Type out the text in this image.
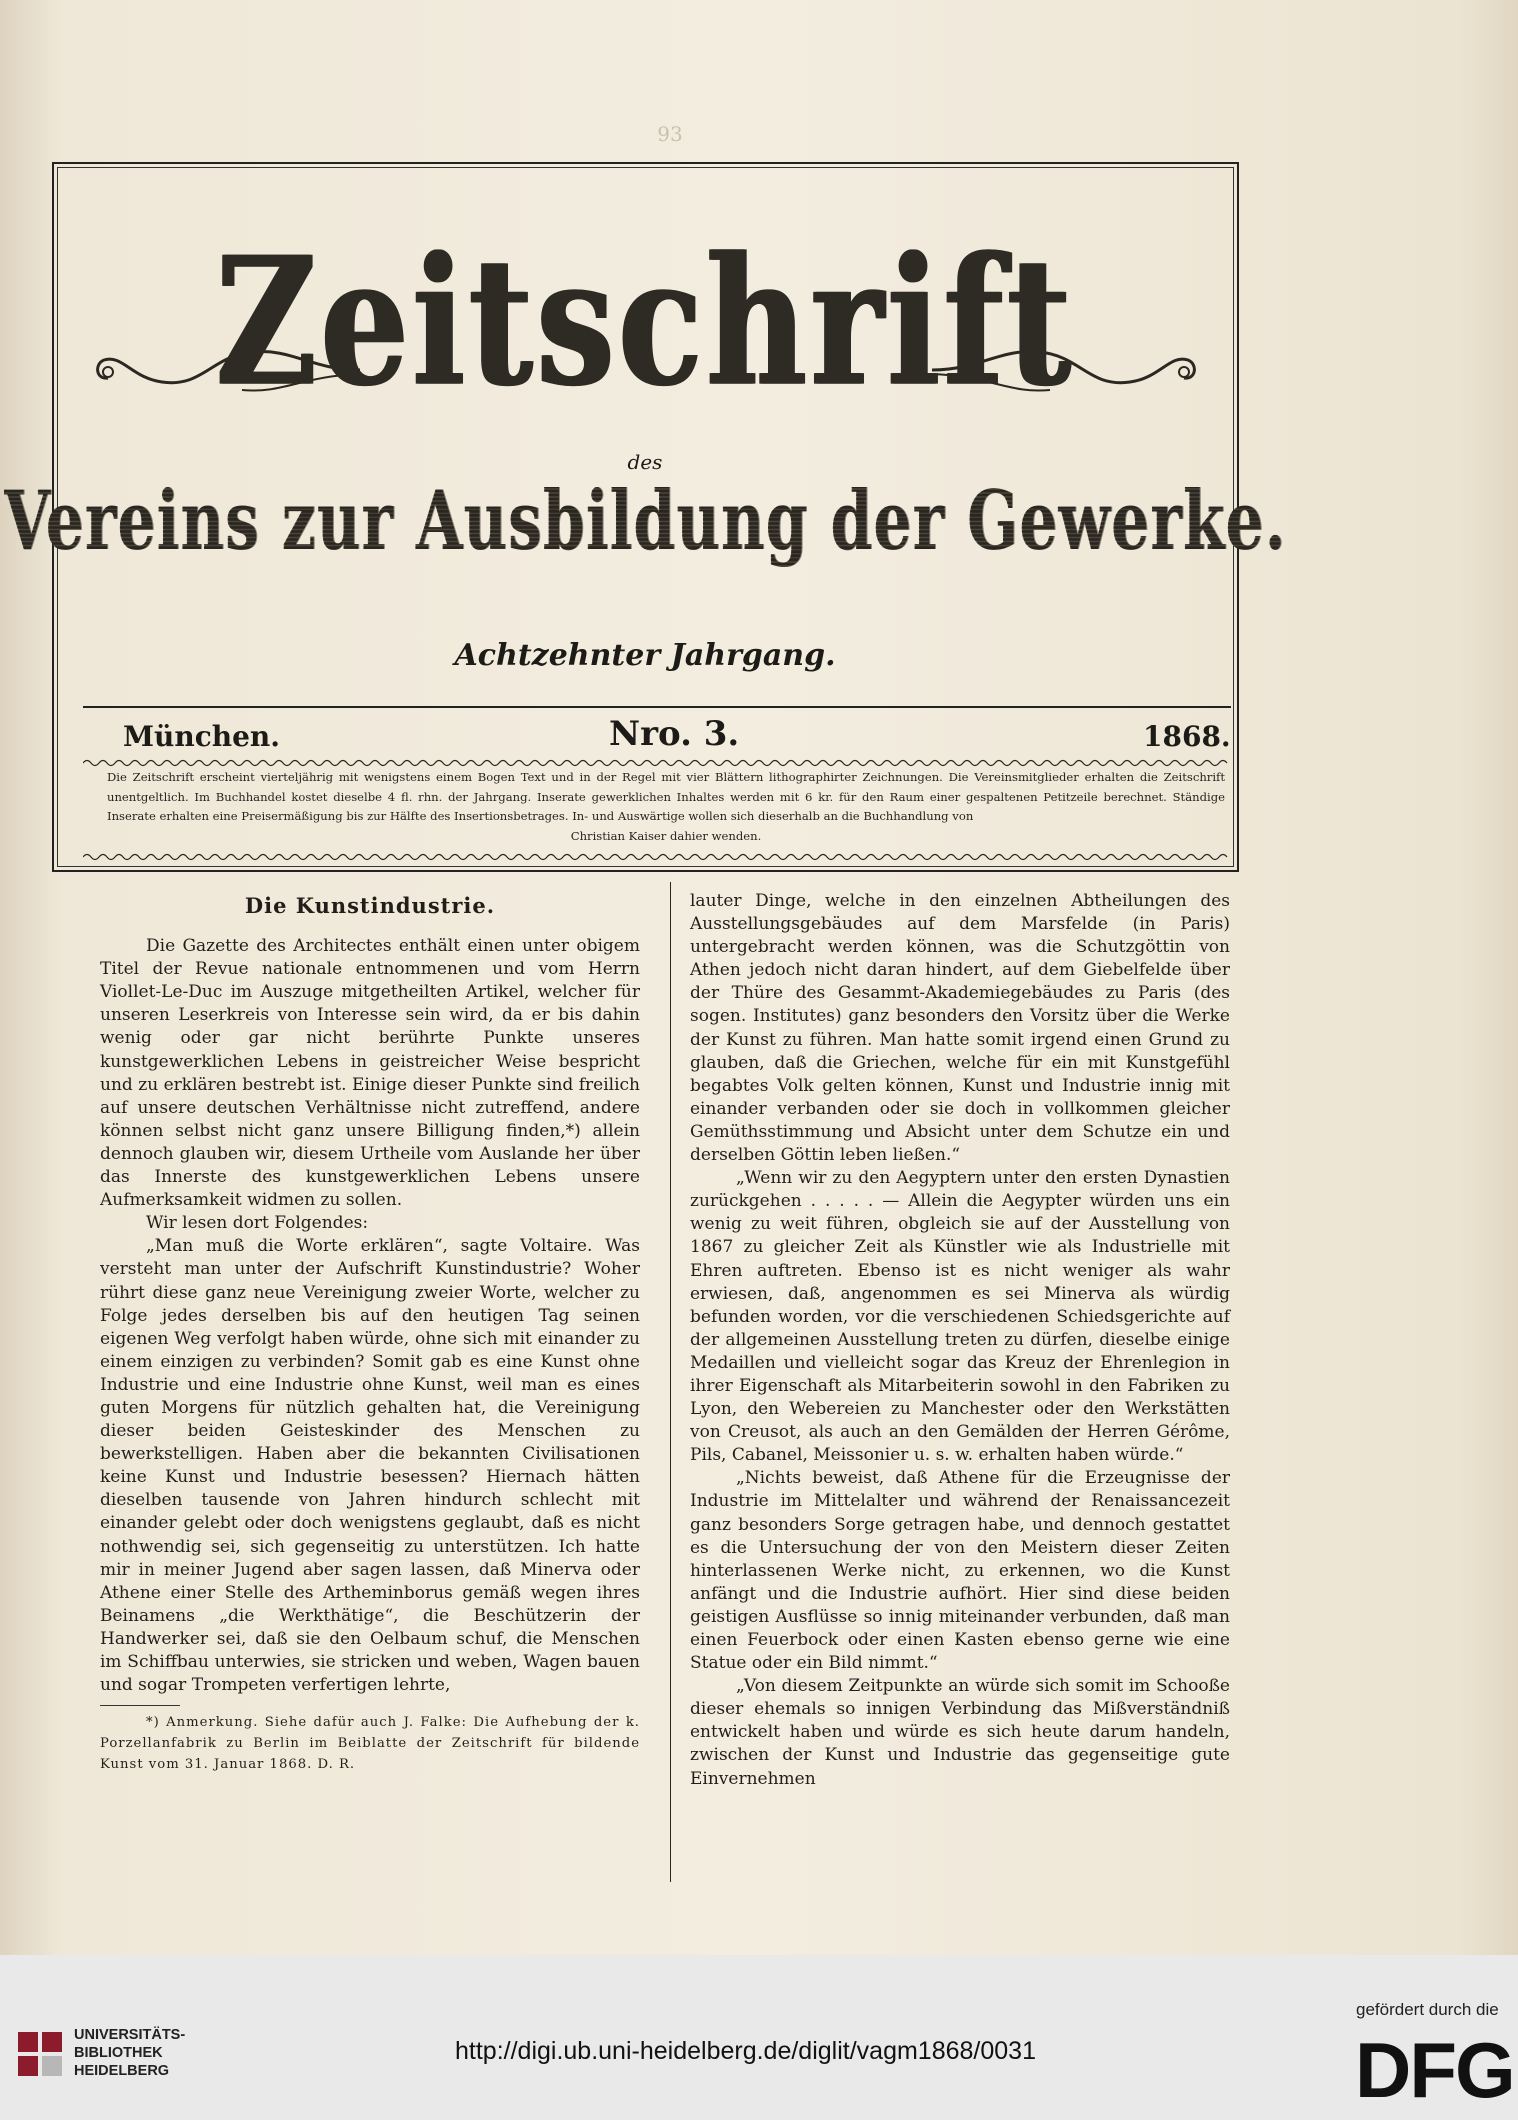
93
Zeitschrift
des
Vereins zur Ausbildung der Gewerke.
Achtzehnter Jahrgang.
München.	Nro. 3.	1868.
Die Zeitschrift erscheint vierteljährig mit wenigstens einem Bogen Text und in der Regel mit vier Blättern lithographirter Zeichnungen. Die Vereinsmitglieder erhalten die Zeitschrift unentgeltlich. Im Buchhandel kostet dieselbe 4 fl. rhn. der Jahrgang. Inserate gewerklichen Inhaltes werden mit 6 kr. für den Raum einer gespaltenen Petitzeile berechnet. Ständige Inserate erhalten eine Preisermäßigung bis zur Hälfte des Insertionsbetrages. In- und Auswärtige wollen sich dieserhalb an die Buchhandlung von

Christian Kaiser dahier wenden.

Die Kunstindustrie.

Die Gazette des Architectes enthält einen unter obigem Titel der Revue nationale entnommenen und vom Herrn Viollet-Le-Duc im Auszuge mitgetheilten Artikel, welcher für unseren Leserkreis von Interesse sein wird, da er bis dahin wenig oder gar nicht berührte Punkte unseres kunstgewerklichen Lebens in geistreicher Weise bespricht und zu erklären bestrebt ist. Einige dieser Punkte sind freilich auf unsere deutschen Verhältnisse nicht zutreffend, andere können selbst nicht ganz unsere Billigung finden,*) allein dennoch glauben wir, diesem Urtheile vom Auslande her über das Innerste des kunstgewerklichen Lebens unsere Aufmerksamkeit widmen zu sollen.

Wir lesen dort Folgendes:

„Man muß die Worte erklären“, sagte Voltaire. Was versteht man unter der Aufschrift Kunstindustrie? Woher rührt diese ganz neue Vereinigung zweier Worte, welcher zu Folge jedes derselben bis auf den heutigen Tag seinen eigenen Weg verfolgt haben würde, ohne sich mit einander zu einem einzigen zu verbinden? Somit gab es eine Kunst ohne Industrie und eine Industrie ohne Kunst, weil man es eines guten Morgens für nützlich gehalten hat, die Vereinigung dieser beiden Geisteskinder des Menschen zu bewerkstelligen. Haben aber die bekannten Civilisationen keine Kunst und Industrie besessen? Hiernach hätten dieselben tausende von Jahren hindurch schlecht mit einander gelebt oder doch wenigstens geglaubt, daß es nicht nothwendig sei, sich gegenseitig zu unterstützen. Ich hatte mir in meiner Jugend aber sagen lassen, daß Minerva oder Athene einer Stelle des Artheminborus gemäß wegen ihres Beinamens „die Werkthätige“, die Beschützerin der Handwerker sei, daß sie den Oelbaum schuf, die Menschen im Schiffbau unterwies, sie stricken und weben, Wagen bauen und sogar Trompeten verfertigen lehrte,

*) Anmerkung. Siehe dafür auch J. Falke: Die Aufhebung der k. Porzellanfabrik zu Berlin im Beiblatte der Zeitschrift für bildende Kunst vom 31. Januar 1868. D. R.

lauter Dinge, welche in den einzelnen Abtheilungen des Ausstellungsgebäudes auf dem Marsfelde (in Paris) untergebracht werden können, was die Schutzgöttin von Athen jedoch nicht daran hindert, auf dem Giebelfelde über der Thüre des Gesammt-Akademiegebäudes zu Paris (des sogen. Institutes) ganz besonders den Vorsitz über die Werke der Kunst zu führen. Man hatte somit irgend einen Grund zu glauben, daß die Griechen, welche für ein mit Kunstgefühl begabtes Volk gelten können, Kunst und Industrie innig mit einander verbanden oder sie doch in vollkommen gleicher Gemüthsstimmung und Absicht unter dem Schutze ein und derselben Göttin leben ließen.“

„Wenn wir zu den Aegyptern unter den ersten Dynastien zurückgehen . . . . . — Allein die Aegypter würden uns ein wenig zu weit führen, obgleich sie auf der Ausstellung von 1867 zu gleicher Zeit als Künstler wie als Industrielle mit Ehren auftreten. Ebenso ist es nicht weniger als wahr erwiesen, daß, angenommen es sei Minerva als würdig befunden worden, vor die verschiedenen Schiedsgerichte auf der allgemeinen Ausstellung treten zu dürfen, dieselbe einige Medaillen und vielleicht sogar das Kreuz der Ehrenlegion in ihrer Eigenschaft als Mitarbeiterin sowohl in den Fabriken zu Lyon, den Webereien zu Manchester oder den Werkstätten von Creusot, als auch an den Gemälden der Herren Gérôme, Pils, Cabanel, Meissonier u. s. w. erhalten haben würde.“

„Nichts beweist, daß Athene für die Erzeugnisse der Industrie im Mittelalter und während der Renaissancezeit ganz besonders Sorge getragen habe, und dennoch gestattet es die Untersuchung der von den Meistern dieser Zeiten hinterlassenen Werke nicht, zu erkennen, wo die Kunst anfängt und die Industrie aufhört. Hier sind diese beiden geistigen Ausflüsse so innig miteinander verbunden, daß man einen Feuerbock oder einen Kasten ebenso gerne wie eine Statue oder ein Bild nimmt.“

„Von diesem Zeitpunkte an würde sich somit im Schooße dieser ehemals so innigen Verbindung das Mißverständniß entwickelt haben und würde es sich heute darum handeln, zwischen der Kunst und Industrie das gegenseitige gute Einvernehmen

UNIVERSITÄTS-
BIBLIOTHEK
HEIDELBERG
http://digi.ub.uni-heidelberg.de/diglit/vagm1868/0031
gefördert durch die
DFG
